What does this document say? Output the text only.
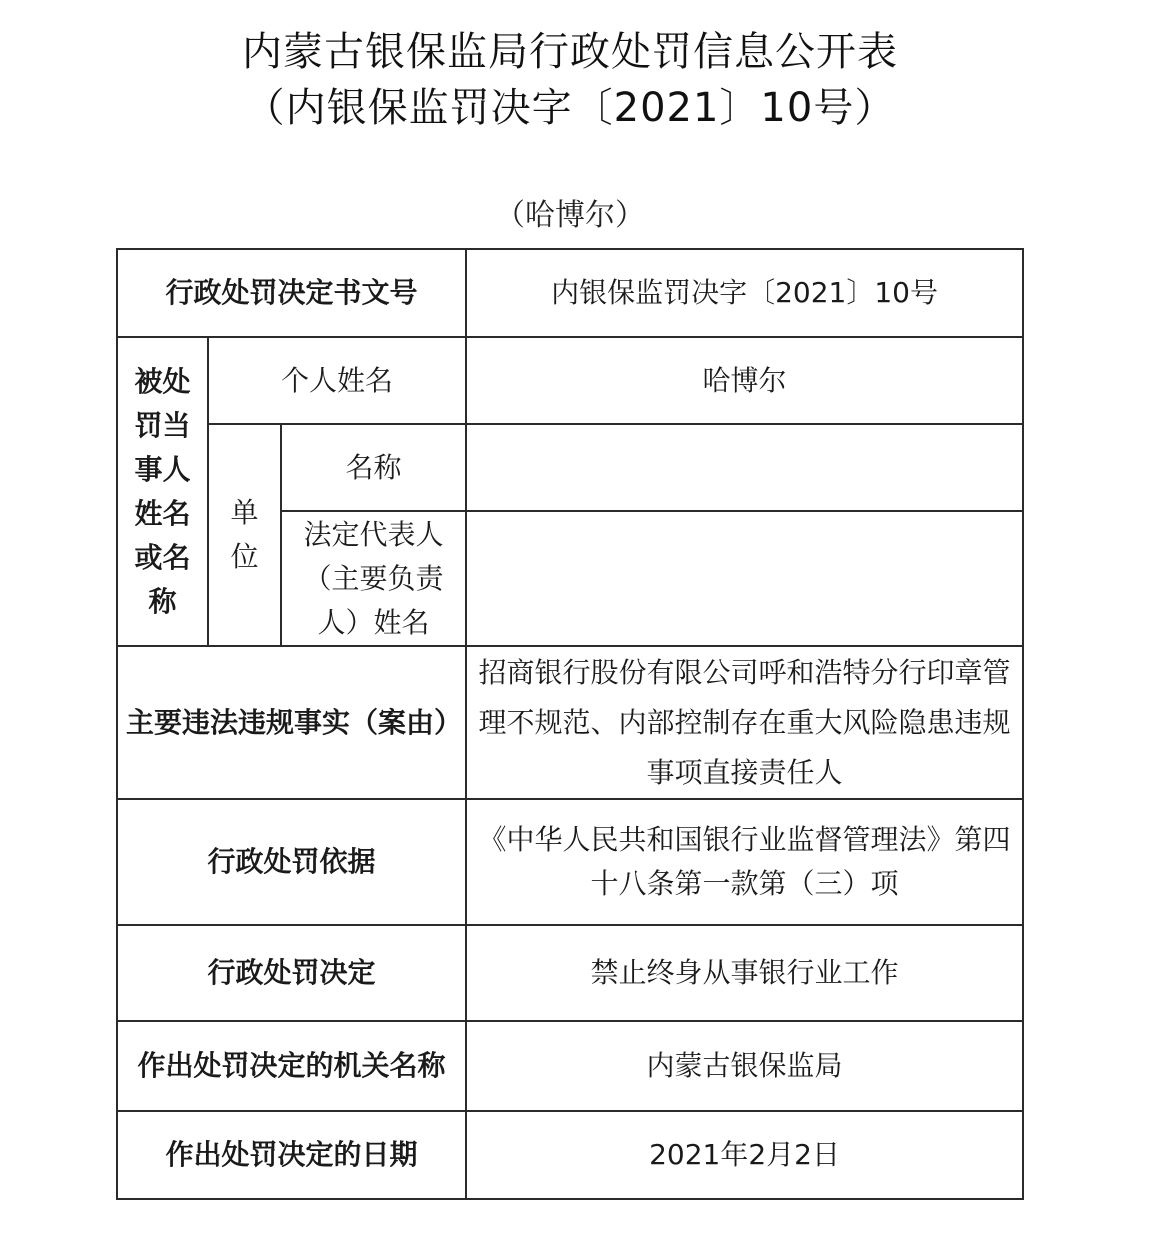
内蒙古银保监局行政处罚信息公开表
（内银保监罚决字〔2021〕10号）
（哈博尔）
行政处罚决定书文号			内银保监罚决字〔2021〕10号
被处罚当事人姓名或名称	个人姓名		哈博尔
	单位	名称	
		法定代表人（主要负责人）姓名	
主要违法违规事实（案由）			招商银行股份有限公司呼和浩特分行印章管理不规范、内部控制存在重大风险隐患违规事项直接责任人
行政处罚依据			《中华人民共和国银行业监督管理法》第四十八条第一款第（三）项
行政处罚决定			禁止终身从事银行业工作
作出处罚决定的机关名称			内蒙古银保监局
作出处罚决定的日期			2021年2月2日
